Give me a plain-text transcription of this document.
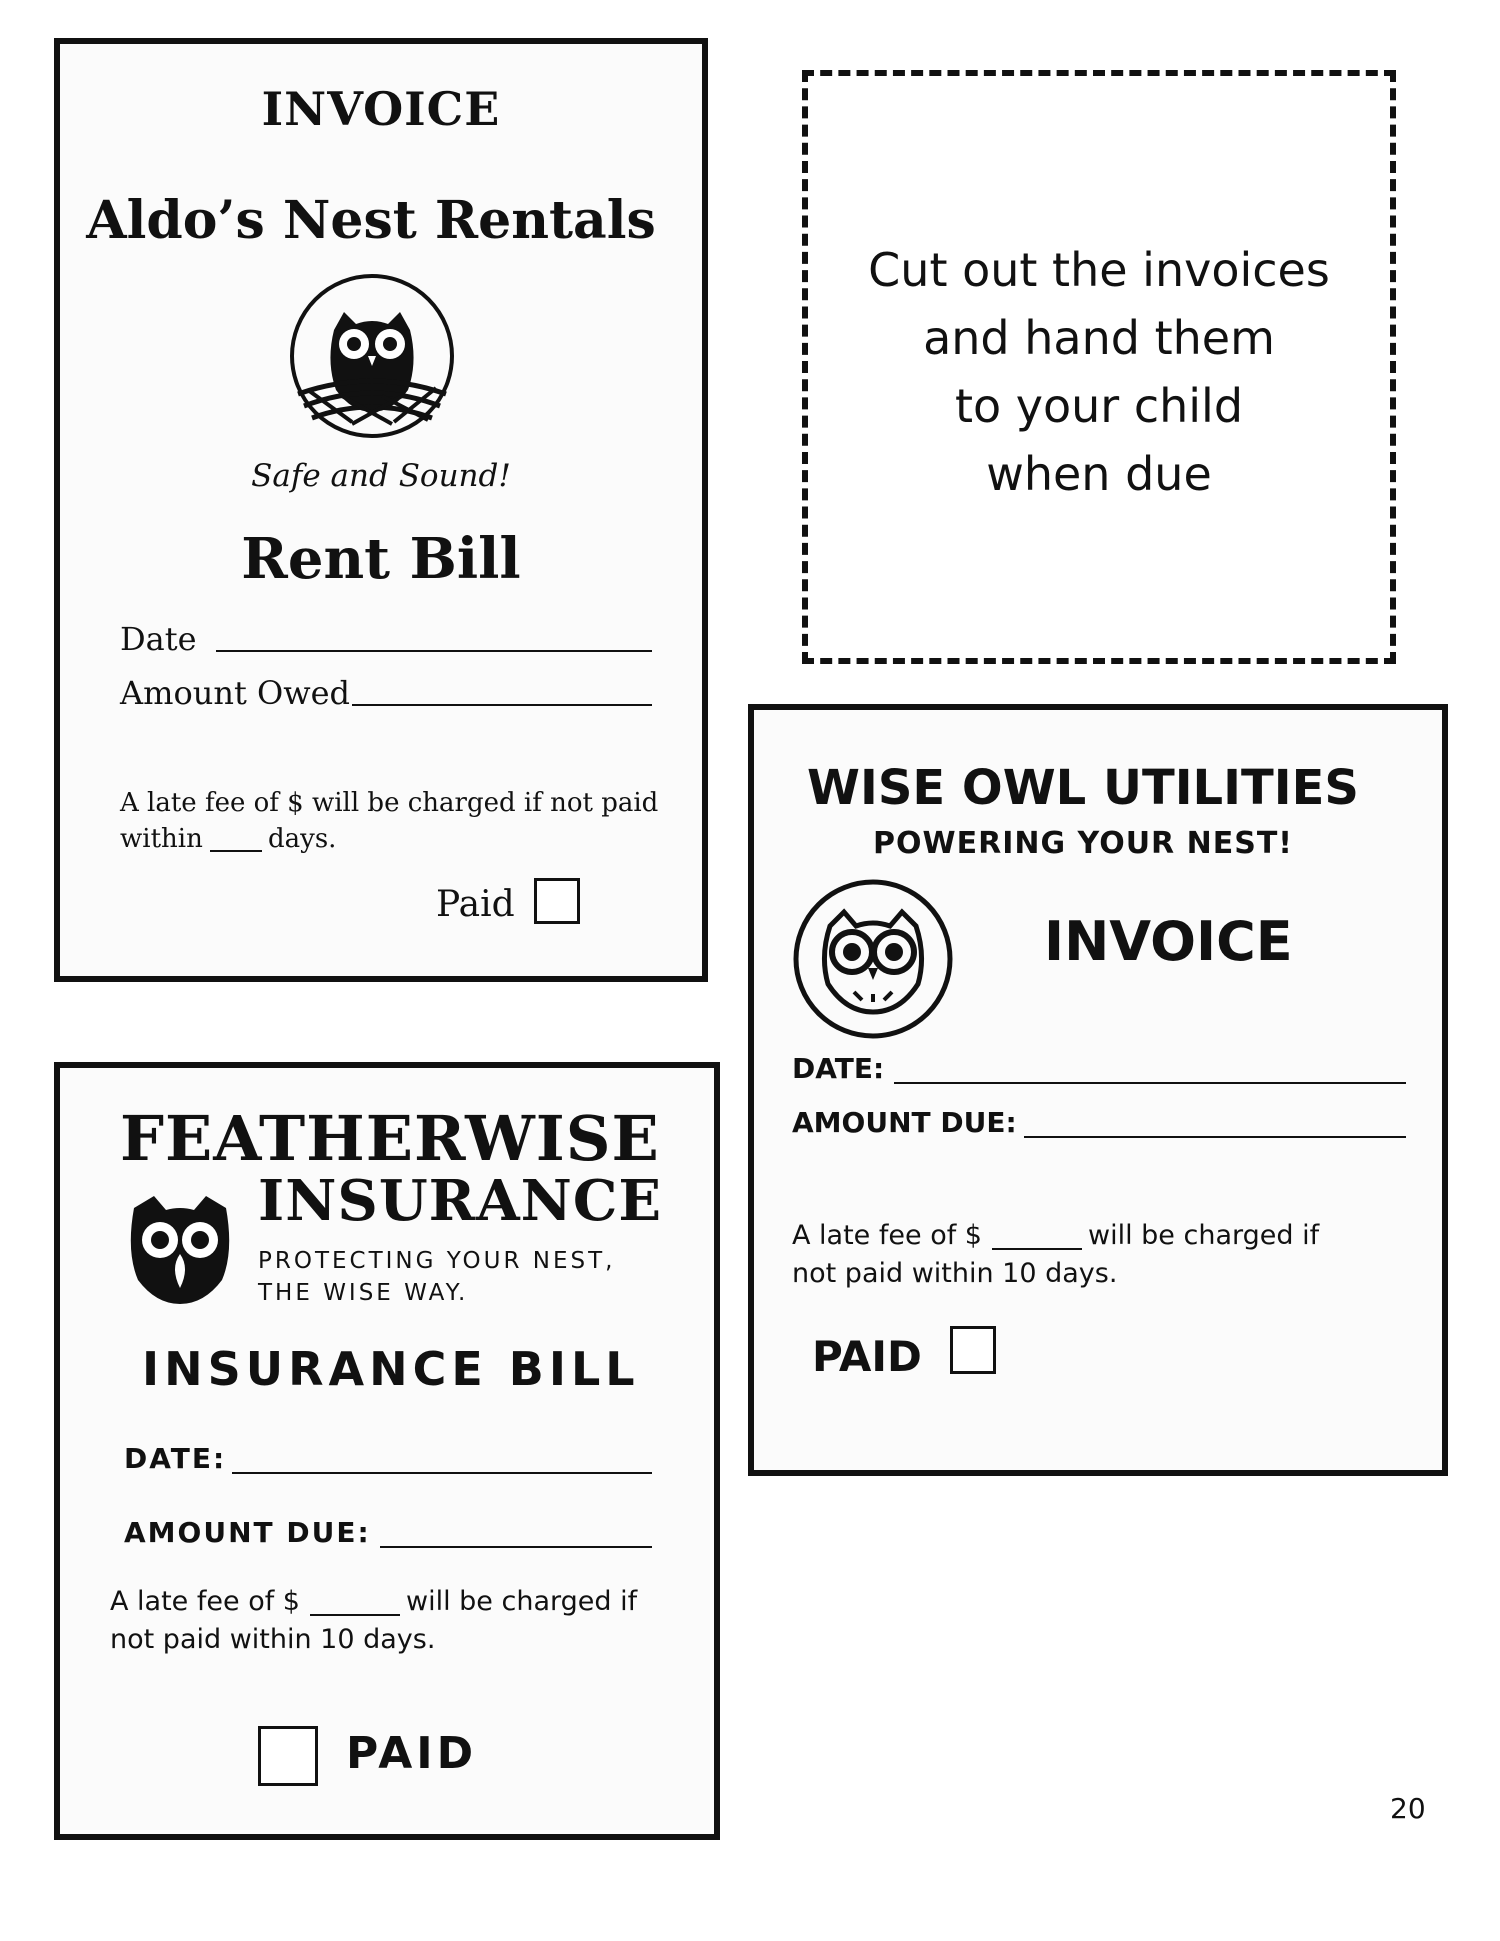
INVOICE
Aldo’s Nest Rentals
Safe and Sound!
Rent Bill
Date
Amount Owed
A late fee of $ will be charged if not paid
within	days.
Paid
Cut out the invoices
and hand them
to your child
when due
WISE OWL UTILITIES
POWERING YOUR NEST!
INVOICE
DATE:
AMOUNT DUE:
A late fee of $	will be charged if
not paid within 10 days.
PAID
FEATHERWISE
INSURANCE
PROTECTING YOUR NEST,
THE WISE WAY.
INSURANCE BILL
DATE:
AMOUNT DUE:
A late fee of $	will be charged if
not paid within 10 days.
PAID
20
